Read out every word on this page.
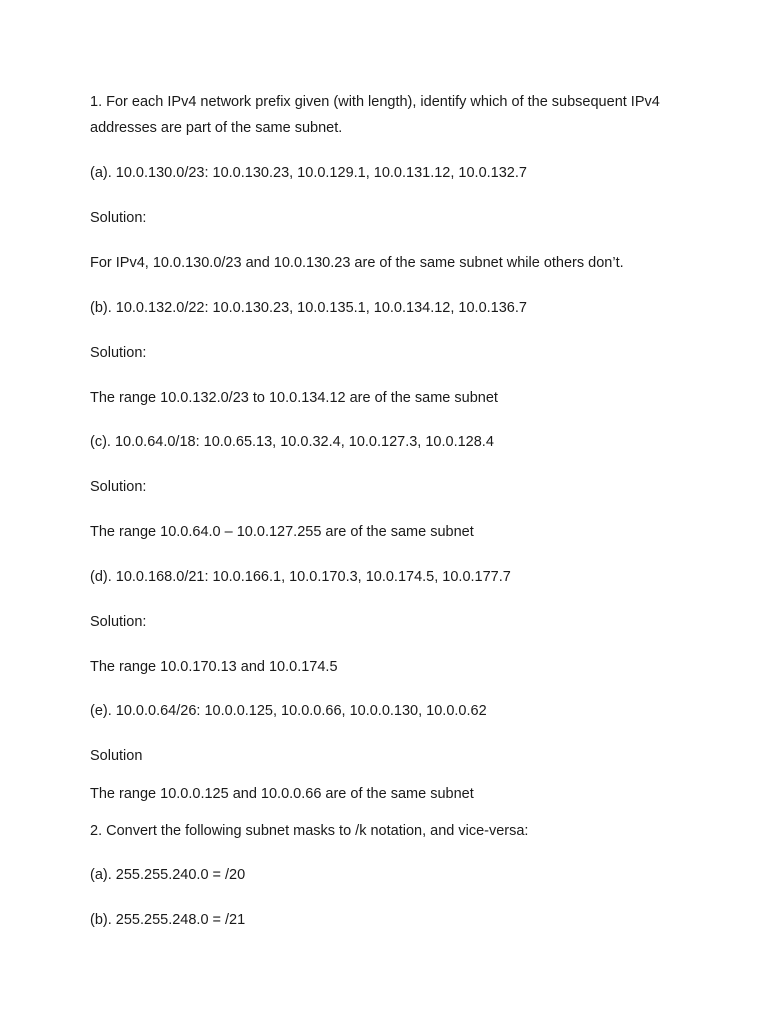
1. For each IPv4 network prefix given (with length), identify which of the subsequent IPv4 addresses are part of the same subnet.

(a). 10.0.130.0/23: 10.0.130.23, 10.0.129.1, 10.0.131.12, 10.0.132.7

Solution:

For IPv4, 10.0.130.0/23 and 10.0.130.23 are of the same subnet while others don’t.

(b). 10.0.132.0/22: 10.0.130.23, 10.0.135.1, 10.0.134.12, 10.0.136.7

Solution:

The range 10.0.132.0/23 to 10.0.134.12 are of the same subnet

(c). 10.0.64.0/18: 10.0.65.13, 10.0.32.4, 10.0.127.3, 10.0.128.4

Solution:

The range 10.0.64.0 – 10.0.127.255 are of the same subnet

(d). 10.0.168.0/21: 10.0.166.1, 10.0.170.3, 10.0.174.5, 10.0.177.7

Solution:

The range 10.0.170.13 and 10.0.174.5

(e). 10.0.0.64/26: 10.0.0.125, 10.0.0.66, 10.0.0.130, 10.0.0.62

Solution

The range 10.0.0.125 and 10.0.0.66 are of the same subnet

2. Convert the following subnet masks to /k notation, and vice-versa:

(a). 255.255.240.0 = /20

(b). 255.255.248.0 = /21
